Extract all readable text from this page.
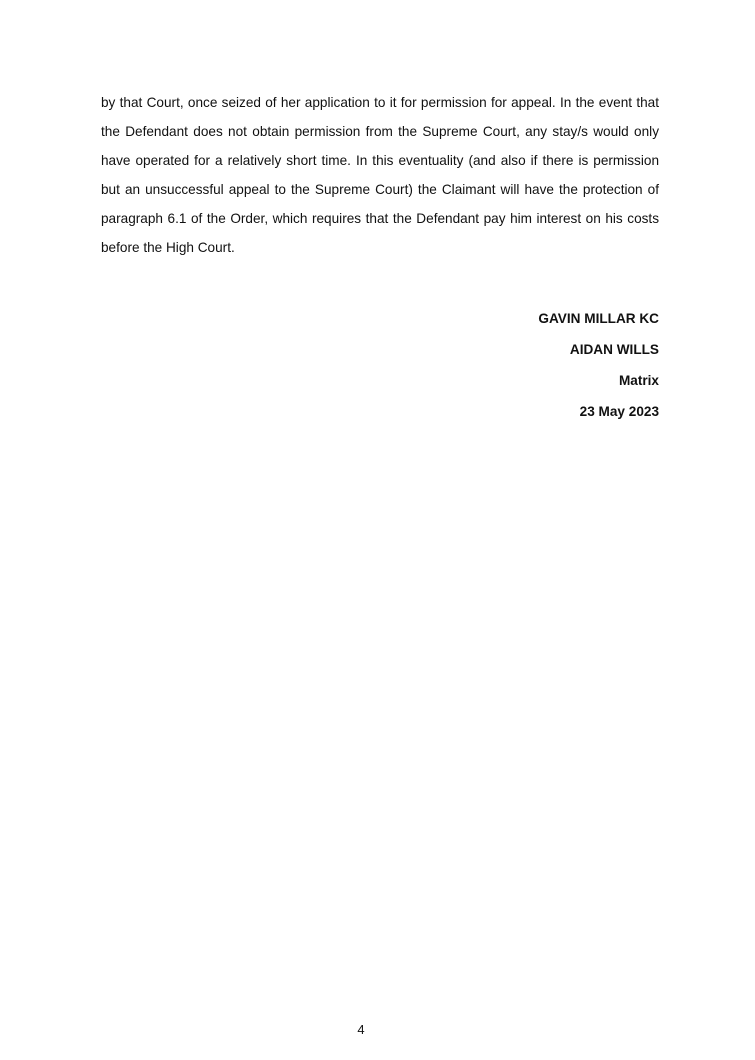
by that Court, once seized of her application to it for permission for appeal. In the event that the Defendant does not obtain permission from the Supreme Court, any stay/s would only have operated for a relatively short time. In this eventuality (and also if there is permission but an unsuccessful appeal to the Supreme Court) the Claimant will have the protection of paragraph 6.1 of the Order, which requires that the Defendant pay him interest on his costs before the High Court.

GAVIN MILLAR KC
AIDAN WILLS
Matrix
23 May 2023
4
